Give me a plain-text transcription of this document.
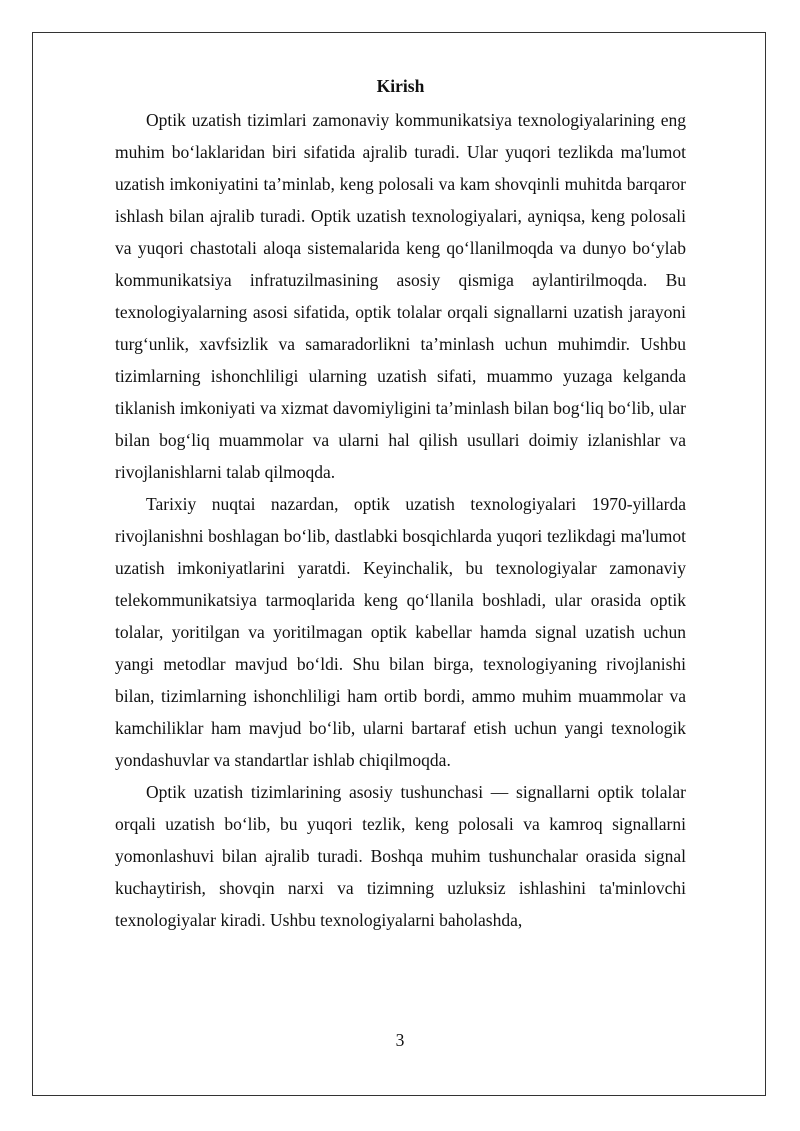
Kirish

Optik uzatish tizimlari zamonaviy kommunikatsiya texnologiyalarining eng muhim boʻlaklaridan biri sifatida ajralib turadi. Ular yuqori tezlikda ma'lumot uzatish imkoniyatini ta’minlab, keng polosali va kam shovqinli muhitda barqaror ishlash bilan ajralib turadi. Optik uzatish texnologiyalari, ayniqsa, keng polosali va yuqori chastotali aloqa sistemalarida keng qoʻllanilmoqda va dunyo boʻylab kommunikatsiya infratuzilmasining asosiy qismiga aylantirilmoqda. Bu texnologiyalarning asosi sifatida, optik tolalar orqali signallarni uzatish jarayoni turgʻunlik, xavfsizlik va samaradorlikni ta’minlash uchun muhimdir. Ushbu tizimlarning ishonchliligi ularning uzatish sifati, muammo yuzaga kelganda tiklanish imkoniyati va xizmat davomiyligini ta’minlash bilan bogʻliq boʻlib, ular bilan bogʻliq muammolar va ularni hal qilish usullari doimiy izlanishlar va rivojlanishlarni talab qilmoqda.

Tarixiy nuqtai nazardan, optik uzatish texnologiyalari 1970-yillarda rivojlanishni boshlagan boʻlib, dastlabki bosqichlarda yuqori tezlikdagi ma'lumot uzatish imkoniyatlarini yaratdi. Keyinchalik, bu texnologiyalar zamonaviy telekommunikatsiya tarmoqlarida keng qoʻllanila boshladi, ular orasida optik tolalar, yoritilgan va yoritilmagan optik kabellar hamda signal uzatish uchun yangi metodlar mavjud boʻldi. Shu bilan birga, texnologiyaning rivojlanishi bilan, tizimlarning ishonchliligi ham ortib bordi, ammo muhim muammolar va kamchiliklar ham mavjud boʻlib, ularni bartaraf etish uchun yangi texnologik yondashuvlar va standartlar ishlab chiqilmoqda.

Optik uzatish tizimlarining asosiy tushunchasi — signallarni optik tolalar orqali uzatish boʻlib, bu yuqori tezlik, keng polosali va kamroq signallarni yomonlashuvi bilan ajralib turadi. Boshqa muhim tushunchalar orasida signal kuchaytirish, shovqin narxi va tizimning uzluksiz ishlashini ta'minlovchi texnologiyalar kiradi. Ushbu texnologiyalarni baholashda,

3
